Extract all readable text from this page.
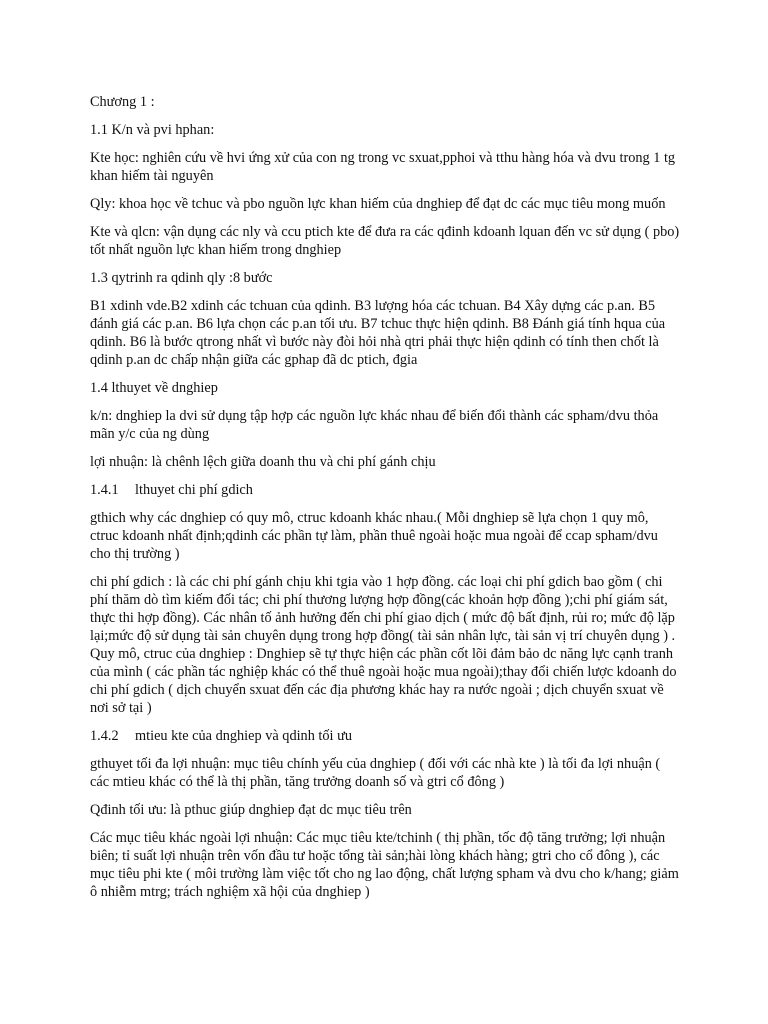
Chương 1 :

1.1 K/n và pvi hphan:

Kte học: nghiên cứu về hvi ứng xử của con ng trong vc sxuat,pphoi và tthu hàng hóa và dvu trong 1 tg khan hiếm tài nguyên

Qly: khoa học về tchuc và pbo nguồn lực khan hiếm của dnghiep để đạt dc các mục tiêu mong muốn

Kte và qlcn: vận dụng các nly và ccu ptich kte để đưa ra các qđinh kdoanh lquan đến vc sử dụng ( pbo) tốt nhất nguồn lực khan hiếm trong dnghiep

1.3 qytrinh ra qdinh qly :8 bước

B1 xdinh vde.B2 xdinh các tchuan của qdinh. B3 lượng hóa các tchuan. B4 Xây dựng các p.an. B5 đánh giá các p.an. B6 lựa chọn các p.an tối ưu. B7 tchuc thực hiện qdinh. B8 Đánh giá tính hqua của qdinh. B6 là bước qtrong nhất vì bước này đòi hỏi nhà qtri phải thực hiện qdinh có tính then chốt là qdinh p.an dc chấp nhận giữa các gphap đã dc ptich, đgia

1.4 lthuyet về dnghiep

k/n: dnghiep la dvi sử dụng tập hợp các nguồn lực khác nhau để biến đổi thành các spham/dvu thỏa mãn y/c của ng dùng

lợi nhuận: là chênh lệch giữa doanh thu và chi phí gánh chịu

1.4.1	lthuyet chi phí gdich

gthich why các dnghiep có quy mô, ctruc kdoanh khác nhau.( Mỗi dnghiep sẽ lựa chọn 1 quy mô, ctruc kdoanh nhất định;qdinh các phần tự làm, phần thuê ngoài hoặc mua ngoài để ccap spham/dvu cho thị trường )

chi phí gdich : là các chi phí gánh chịu khi tgia vào 1 hợp đồng. các loại chi phí gdich bao gồm ( chi phí thăm dò tìm kiếm đối tác; chi phí thương lượng hợp đồng(các khoản hợp đồng );chi phí giám sát, thực thi hợp đồng). Các nhân tố ảnh hưởng đến chi phí giao dịch ( mức độ bất định, rủi ro; mức độ lặp lại;mức độ sử dụng tài sản chuyên dụng trong hợp đồng( tài sản nhân lực, tài sản vị trí chuyên dụng ) . Quy mô, ctruc của dnghiep : Dnghiep sẽ tự thực hiện các phần cốt lõi đảm bảo dc năng lực cạnh tranh của mình ( các phần tác nghiệp khác có thể thuê ngoài hoặc mua ngoài);thay đổi chiến lược kdoanh do chi phí gdich ( dịch chuyển sxuat đến các địa phương khác hay ra nước ngoài ; dịch chuyển sxuat về nơi sở tại )

1.4.2	mtieu kte của dnghiep và qdinh tối ưu

gthuyet tối đa lợi nhuận: mục tiêu chính yếu của dnghiep ( đối với các nhà kte ) là tối đa lợi nhuận ( các mtieu khác có thể là thị phần, tăng trưởng doanh số và gtri cổ đông )

Qđinh tối ưu: là pthuc giúp dnghiep đạt dc mục tiêu trên

Các mục tiêu khác ngoài lợi nhuận: Các mục tiêu kte/tchinh ( thị phần, tốc độ tăng trưởng; lợi nhuận biên; tỉ suất lợi nhuận trên vốn đầu tư hoặc tổng tài sản;hài lòng khách hàng; gtri cho cổ đông ), các mục tiêu phi kte ( môi trường làm việc tốt cho ng lao động, chất lượng spham và dvu cho k/hang; giảm ô nhiễm mtrg; trách nghiệm xã hội của dnghiep )
